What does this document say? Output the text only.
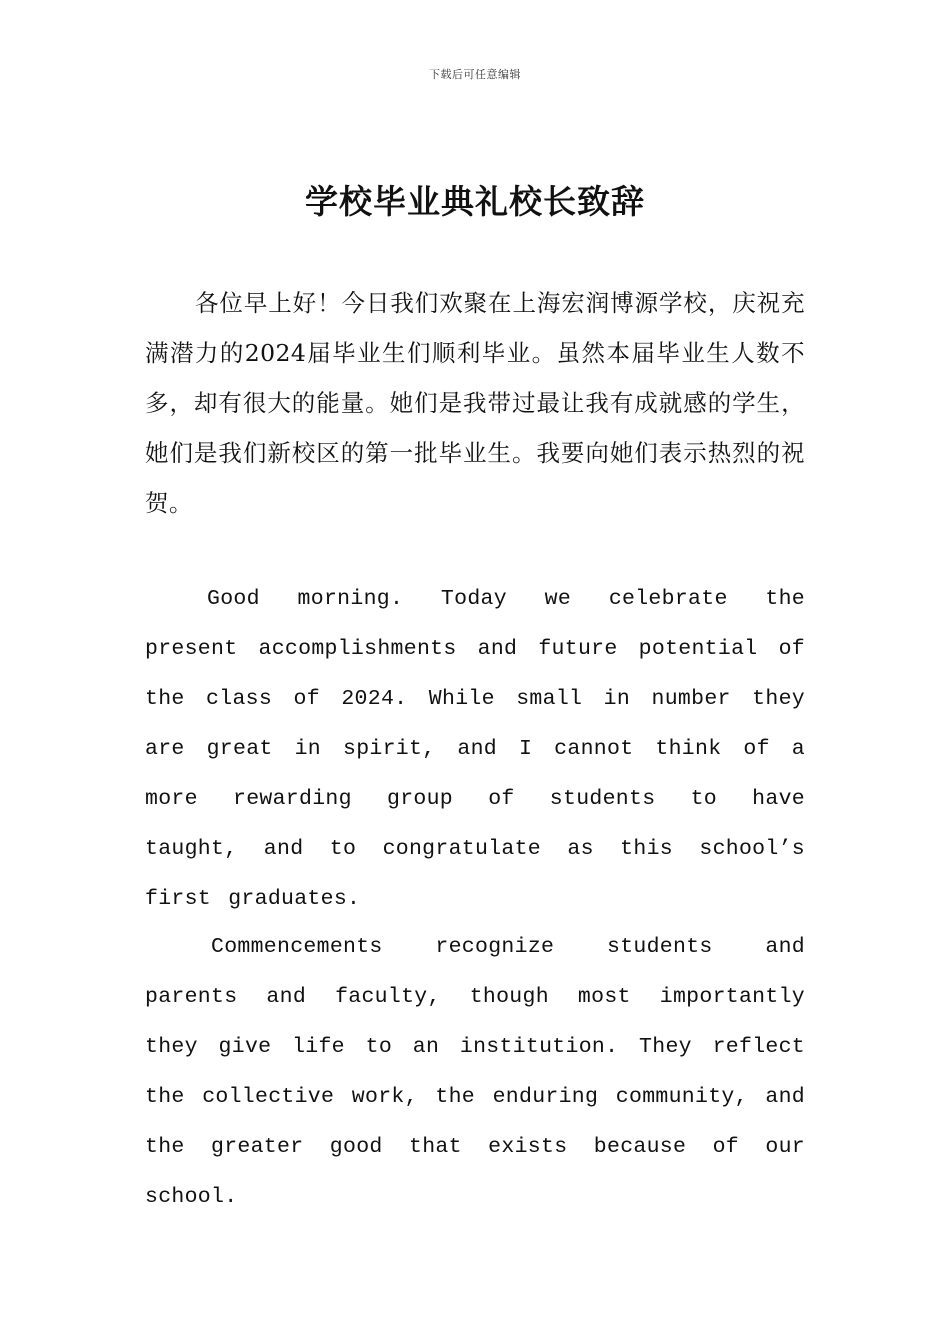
下载后可任意编辑
学校毕业典礼校长致辞

各位早上好！今日我们欢聚在上海宏润博源学校，庆祝充满潜力的2024届毕业生们顺利毕业。虽然本届毕业生人数不多，却有很大的能量。她们是我带过最让我有成就感的学生，她们是我们新校区的第一批毕业生。我要向她们表示热烈的祝贺。

Good morning. Today we celebrate the present accomplishments and future potential of the class of 2024. While small in number they are great in spirit, and I cannot think of a more rewarding group of students to have taught, and to congratulate as this school’s first graduates.

Commencements recognize students and parents and faculty, though most importantly they give life to an institution. They reflect the collective work, the enduring community, and the greater good that exists because of our school.
